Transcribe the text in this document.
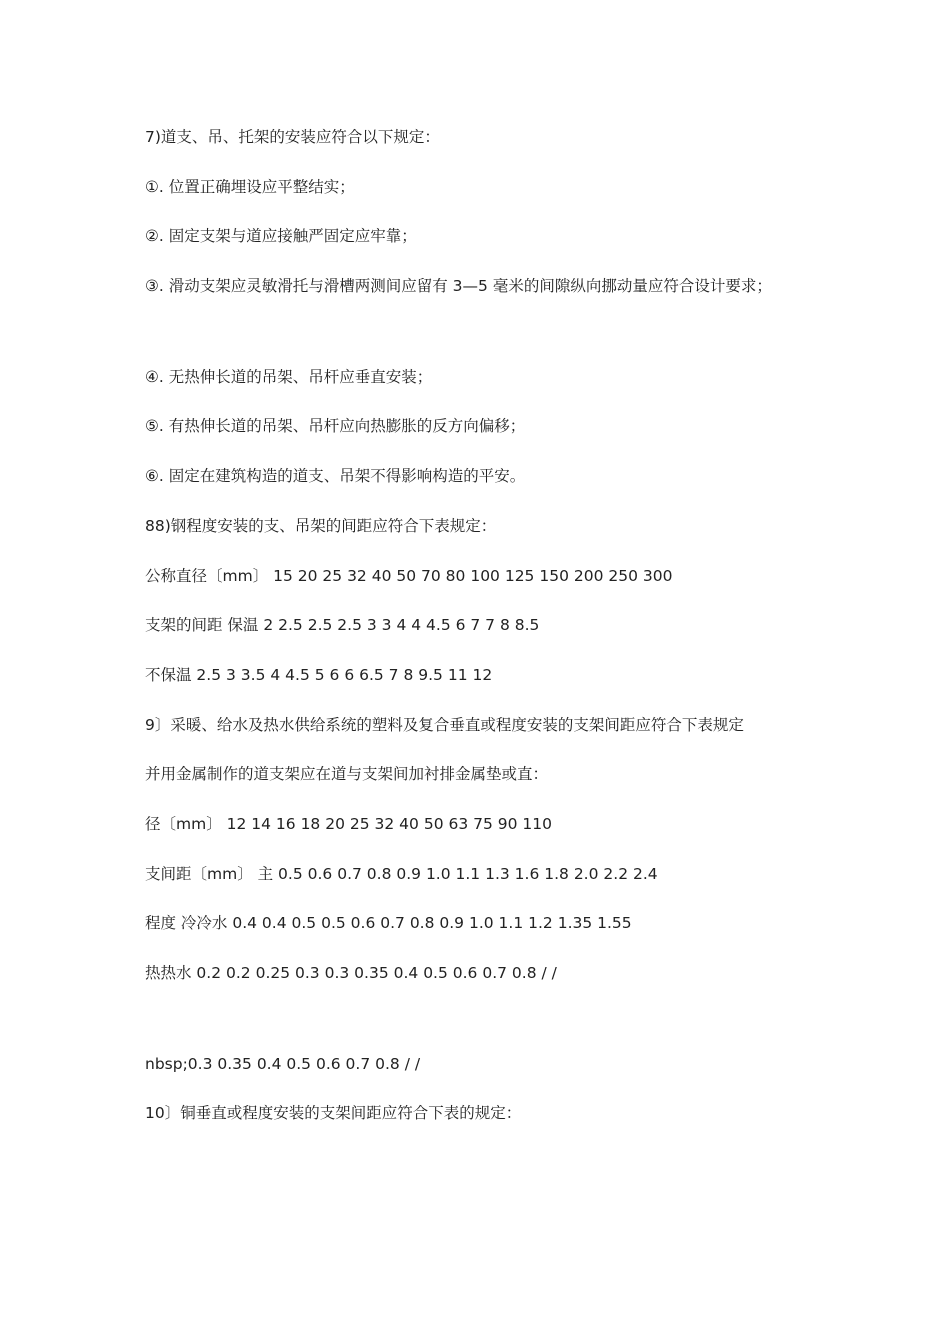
7)道支、吊、托架的安装应符合以下规定：
①. 位置正确埋设应平整结实；
②. 固定支架与道应接触严固定应牢靠；
③. 滑动支架应灵敏滑托与滑槽两测间应留有 3—5 毫米的间隙纵向挪动量应符合设计要求；
④. 无热伸长道的吊架、吊杆应垂直安装；
⑤. 有热伸长道的吊架、吊杆应向热膨胀的反方向偏移；
⑥. 固定在建筑构造的道支、吊架不得影响构造的平安。
88)钢程度安装的支、吊架的间距应符合下表规定：
公称直径〔mm〕 15 20 25 32 40 50 70 80 100 125 150 200 250 300
支架的间距 保温 2 2.5 2.5 2.5 3 3 4 4 4.5 6 7 7 8 8.5
不保温 2.5 3 3.5 4 4.5 5 6 6 6.5 7 8 9.5 11 12
9〕采暖、给水及热水供给系统的塑料及复合垂直或程度安装的支架间距应符合下表规定
并用金属制作的道支架应在道与支架间加衬排金属垫或直：
径〔mm〕 12 14 16 18 20 25 32 40 50 63 75 90 110
支间距〔mm〕 主 0.5 0.6 0.7 0.8 0.9 1.0 1.1 1.3 1.6 1.8 2.0 2.2 2.4
程度 冷冷水 0.4 0.4 0.5 0.5 0.6 0.7 0.8 0.9 1.0 1.1 1.2 1.35 1.55
热热水 0.2 0.2 0.25 0.3 0.3 0.35 0.4 0.5 0.6 0.7 0.8 / /
nbsp;0.3 0.35 0.4 0.5 0.6 0.7 0.8 / /
10〕铜垂直或程度安装的支架间距应符合下表的规定：
